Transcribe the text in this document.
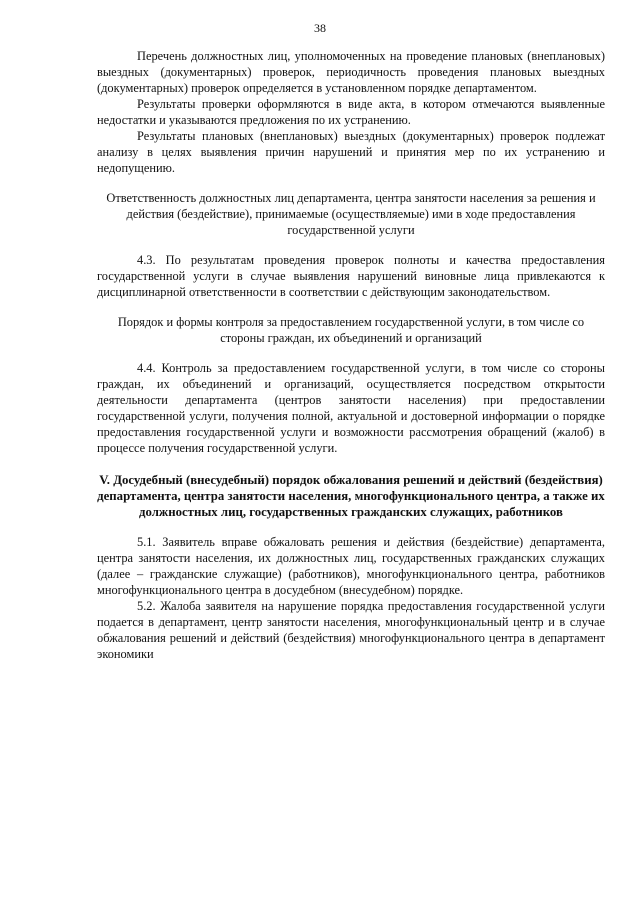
38

Перечень должностных лиц, уполномоченных на проведение плановых (внеплановых) выездных (документарных) проверок, периодичность проведения плановых выездных (документарных) проверок определяется в установленном порядке департаментом.

Результаты проверки оформляются в виде акта, в котором отмечаются выявленные недостатки и указываются предложения по их устранению.

Результаты плановых (внеплановых) выездных (документарных) проверок подлежат анализу в целях выявления причин нарушений и принятия мер по их устранению и недопущению.

Ответственность должностных лиц департамента, центра занятости населения за решения и действия (бездействие), принимаемые (осуществляемые) ими в ходе предоставления государственной услуги

4.3. По результатам проведения проверок полноты и качества предоставления государственной услуги в случае выявления нарушений виновные лица привлекаются к дисциплинарной ответственности в соответствии с действующим законодательством.

Порядок и формы контроля за предоставлением государственной услуги, в том числе со стороны граждан, их объединений и организаций

4.4. Контроль за предоставлением государственной услуги, в том числе со стороны граждан, их объединений и организаций, осуществляется посредством открытости деятельности департамента (центров занятости населения) при предоставлении государственной услуги, получения полной, актуальной и достоверной информации о порядке предоставления государственной услуги и возможности рассмотрения обращений (жалоб) в процессе получения государственной услуги.

V. Досудебный (внесудебный) порядок обжалования решений и действий (бездействия) департамента, центра занятости населения, многофункционального центра, а также их должностных лиц, государственных гражданских служащих, работников

5.1. Заявитель вправе обжаловать решения и действия (бездействие) департамента, центра занятости населения, их должностных лиц, государственных гражданских служащих (далее – гражданские служащие) (работников), многофункционального центра, работников многофункционального центра в досудебном (внесудебном) порядке.

5.2. Жалоба заявителя на нарушение порядка предоставления государственной услуги подается в департамент, центр занятости населения, многофункциональный центр и в случае обжалования решений и действий (бездействия) многофункционального центра в департамент экономики
